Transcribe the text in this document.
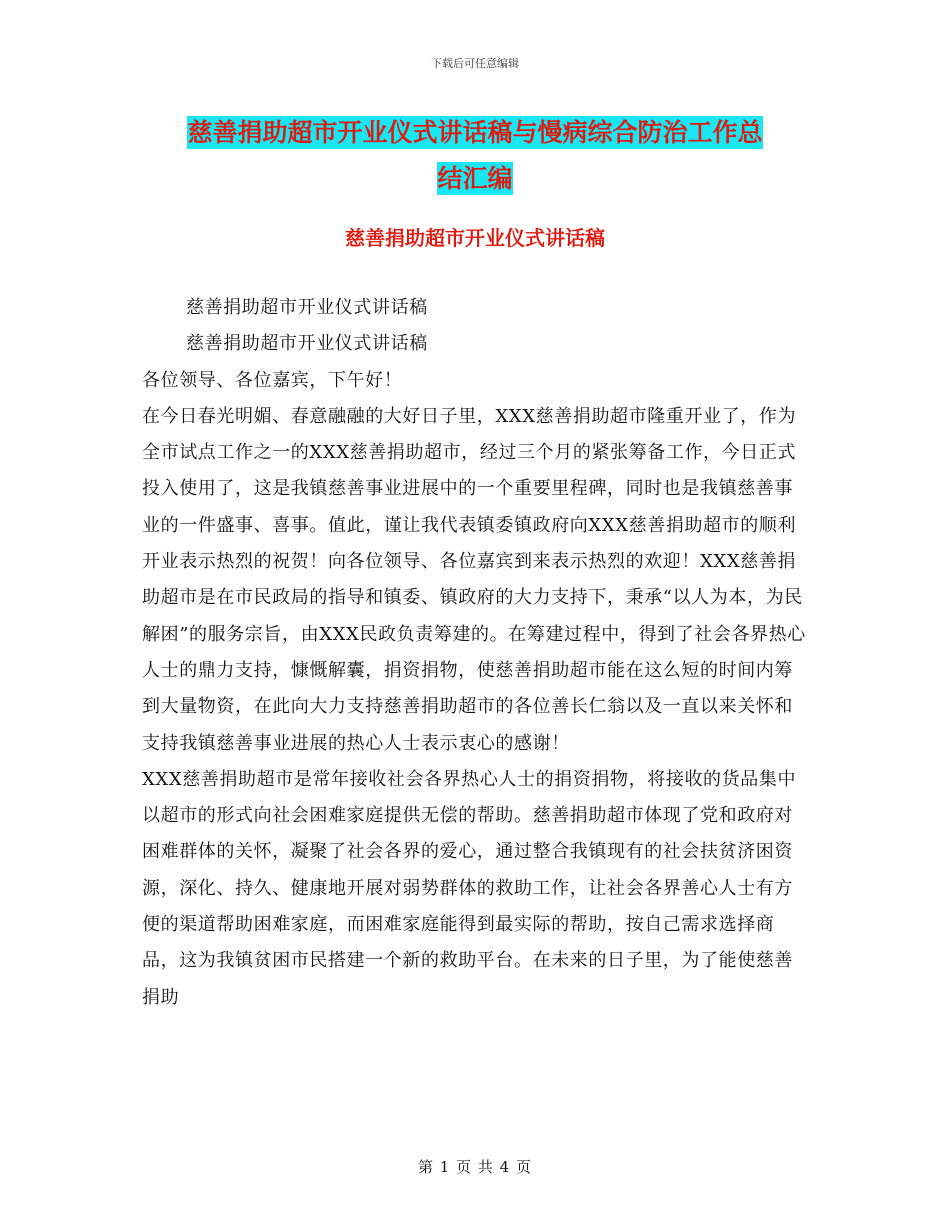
下载后可任意编辑
慈善捐助超市开业仪式讲话稿与慢病综合防治工作总
结汇编
慈善捐助超市开业仪式讲话稿

慈善捐助超市开业仪式讲话稿

慈善捐助超市开业仪式讲话稿

各位领导、各位嘉宾，下午好！

在今日春光明媚、春意融融的大好日子里，XXX慈善捐助超市隆重开业了，作为全市试点工作之一的XXX慈善捐助超市，经过三个月的紧张筹备工作，今日正式投入使用了，这是我镇慈善事业进展中的一个重要里程碑，同时也是我镇慈善事业的一件盛事、喜事。值此，谨让我代表镇委镇政府向XXX慈善捐助超市的顺利开业表示热烈的祝贺！向各位领导、各位嘉宾到来表示热烈的欢迎！XXX慈善捐助超市是在市民政局的指导和镇委、镇政府的大力支持下，秉承“以人为本，为民解困”的服务宗旨，由XXX民政负责筹建的。在筹建过程中，得到了社会各界热心人士的鼎力支持，慷慨解囊，捐资捐物，使慈善捐助超市能在这么短的时间内筹到大量物资，在此向大力支持慈善捐助超市的各位善长仁翁以及一直以来关怀和支持我镇慈善事业进展的热心人士表示衷心的感谢！

XXX慈善捐助超市是常年接收社会各界热心人士的捐资捐物，将接收的货品集中以超市的形式向社会困难家庭提供无偿的帮助。慈善捐助超市体现了党和政府对困难群体的关怀，凝聚了社会各界的爱心，通过整合我镇现有的社会扶贫济困资源，深化、持久、健康地开展对弱势群体的救助工作，让社会各界善心人士有方便的渠道帮助困难家庭，而困难家庭能得到最实际的帮助，按自己需求选择商品，这为我镇贫困市民搭建一个新的救助平台。在未来的日子里，为了能使慈善捐助

第 1 页 共 4 页
